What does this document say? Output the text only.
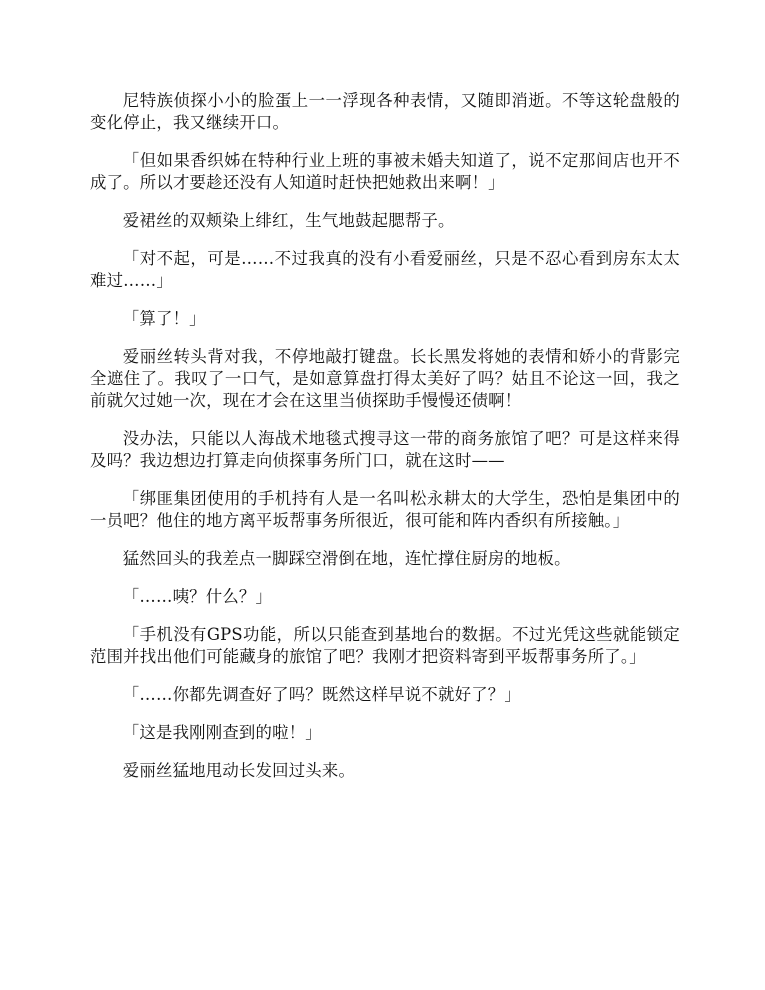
尼特族侦探小小的脸蛋上一一浮现各种表情，又随即消逝。不等这轮盘般的变化停止，我又继续开口。

「但如果香织姊在特种行业上班的事被未婚夫知道了，说不定那间店也开不成了。所以才要趁还没有人知道时赶快把她救出来啊！」

爱裙丝的双颊染上绯红，生气地鼓起腮帮子。

「对不起，可是……不过我真的没有小看爱丽丝，只是不忍心看到房东太太难过……」

「算了！」

爱丽丝转头背对我，不停地敲打键盘。长长黑发将她的表情和娇小的背影完全遮住了。我叹了一口气，是如意算盘打得太美好了吗？姑且不论这一回，我之前就欠过她一次，现在才会在这里当侦探助手慢慢还债啊！

没办法，只能以人海战术地毯式搜寻这一带的商务旅馆了吧？可是这样来得及吗？我边想边打算走向侦探事务所门口，就在这时——

「绑匪集团使用的手机持有人是一名叫松永耕太的大学生，恐怕是集团中的一员吧？他住的地方离平坂帮事务所很近，很可能和阵内香织有所接触。」

猛然回头的我差点一脚踩空滑倒在地，连忙撑住厨房的地板。

「……咦？什么？」

「手机没有GPS功能，所以只能查到基地台的数据。不过光凭这些就能锁定范围并找出他们可能藏身的旅馆了吧？我刚才把资料寄到平坂帮事务所了。」

「……你都先调查好了吗？既然这样早说不就好了？」

「这是我刚刚查到的啦！」

爱丽丝猛地甩动长发回过头来。
